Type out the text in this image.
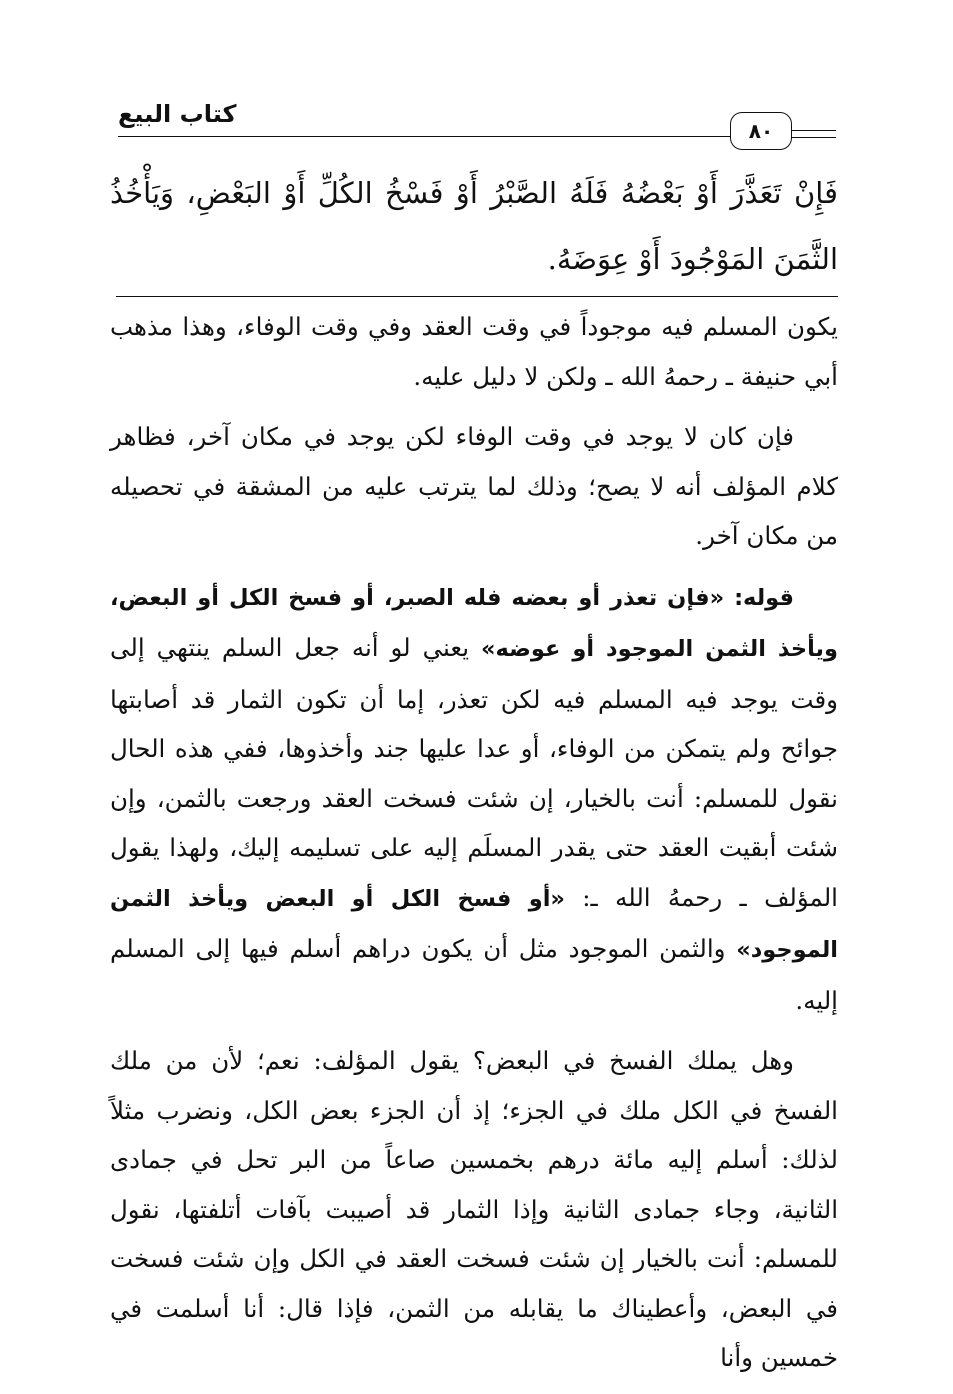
كتاب البيع
٨٠
فَإِنْ تَعَذَّرَ أَوْ بَعْضُهُ فَلَهُ الصَّبْرُ أَوْ فَسْخُ الكُلِّ أَوْ البَعْضِ، وَيَأْخُذُ الثَّمَنَ المَوْجُودَ أَوْ عِوَضَهُ.

يكون المسلم فيه موجوداً في وقت العقد وفي وقت الوفاء، وهذا مذهب أبي حنيفة ـ رحمهُ الله ـ ولكن لا دليل عليه.

فإن كان لا يوجد في وقت الوفاء لكن يوجد في مكان آخر، فظاهر كلام المؤلف أنه لا يصح؛ وذلك لما يترتب عليه من المشقة في تحصيله من مكان آخر.

قوله: «فإن تعذر أو بعضه فله الصبر، أو فسخ الكل أو البعض، ويأخذ الثمن الموجود أو عوضه» يعني لو أنه جعل السلم ينتهي إلى وقت يوجد فيه المسلم فيه لكن تعذر، إما أن تكون الثمار قد أصابتها جوائح ولم يتمكن من الوفاء، أو عدا عليها جند وأخذوها، ففي هذه الحال نقول للمسلم: أنت بالخيار، إن شئت فسخت العقد ورجعت بالثمن، وإن شئت أبقيت العقد حتى يقدر المسلَم إليه على تسليمه إليك، ولهذا يقول المؤلف ـ رحمهُ الله ـ: «أو فسخ الكل أو البعض ويأخذ الثمن الموجود» والثمن الموجود مثل أن يكون دراهم أسلم فيها إلى المسلم إليه.

وهل يملك الفسخ في البعض؟ يقول المؤلف: نعم؛ لأن من ملك الفسخ في الكل ملك في الجزء؛ إذ أن الجزء بعض الكل، ونضرب مثلاً لذلك: أسلم إليه مائة درهم بخمسين صاعاً من البر تحل في جمادى الثانية، وجاء جمادى الثانية وإذا الثمار قد أصيبت بآفات أتلفتها، نقول للمسلم: أنت بالخيار إن شئت فسخت العقد في الكل وإن شئت فسخت في البعض، وأعطيناك ما يقابله من الثمن، فإذا قال: أنا أسلمت في خمسين وأنا
